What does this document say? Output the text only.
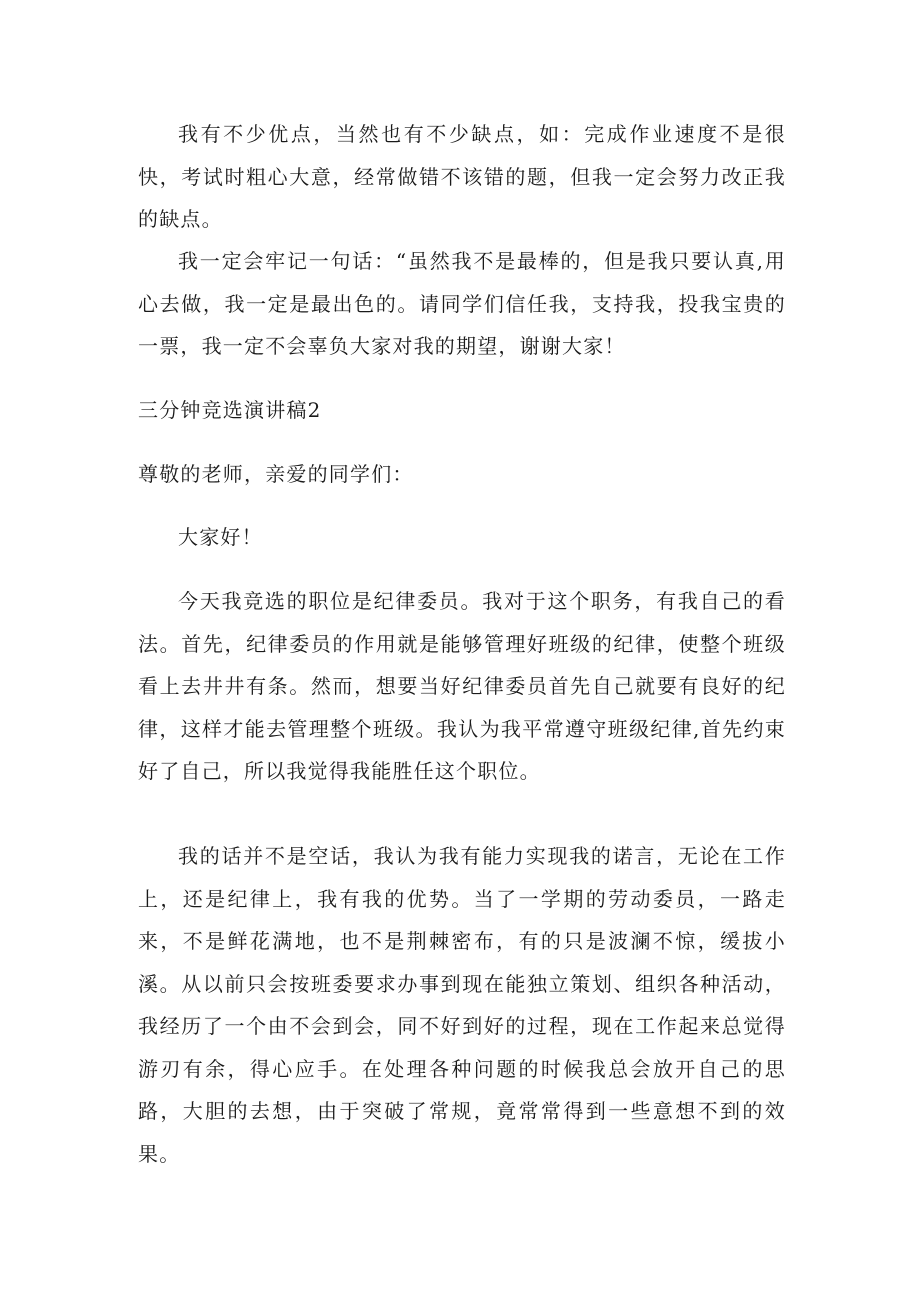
我有不少优点，当然也有不少缺点，如：完成作业速度不是很快，考试时粗心大意，经常做错不该错的题，但我一定会努力改正我的缺点。

我一定会牢记一句话：“虽然我不是最棒的，但是我只要认真,用心去做，我一定是最出色的。请同学们信任我，支持我，投我宝贵的一票，我一定不会辜负大家对我的期望，谢谢大家！

三分钟竞选演讲稿2

尊敬的老师，亲爱的同学们：

大家好！

今天我竞选的职位是纪律委员。我对于这个职务，有我自己的看法。首先，纪律委员的作用就是能够管理好班级的纪律，使整个班级看上去井井有条。然而，想要当好纪律委员首先自己就要有良好的纪律，这样才能去管理整个班级。我认为我平常遵守班级纪律,首先约束好了自己，所以我觉得我能胜任这个职位。

我的话并不是空话，我认为我有能力实现我的诺言，无论在工作上，还是纪律上，我有我的优势。当了一学期的劳动委员，一路走来，不是鲜花满地，也不是荆棘密布，有的只是波澜不惊，缓拔小溪。从以前只会按班委要求办事到现在能独立策划、组织各种活动，我经历了一个由不会到会，同不好到好的过程，现在工作起来总觉得游刃有余，得心应手。在处理各种问题的时候我总会放开自己的思路，大胆的去想，由于突破了常规，竟常常得到一些意想不到的效果。
